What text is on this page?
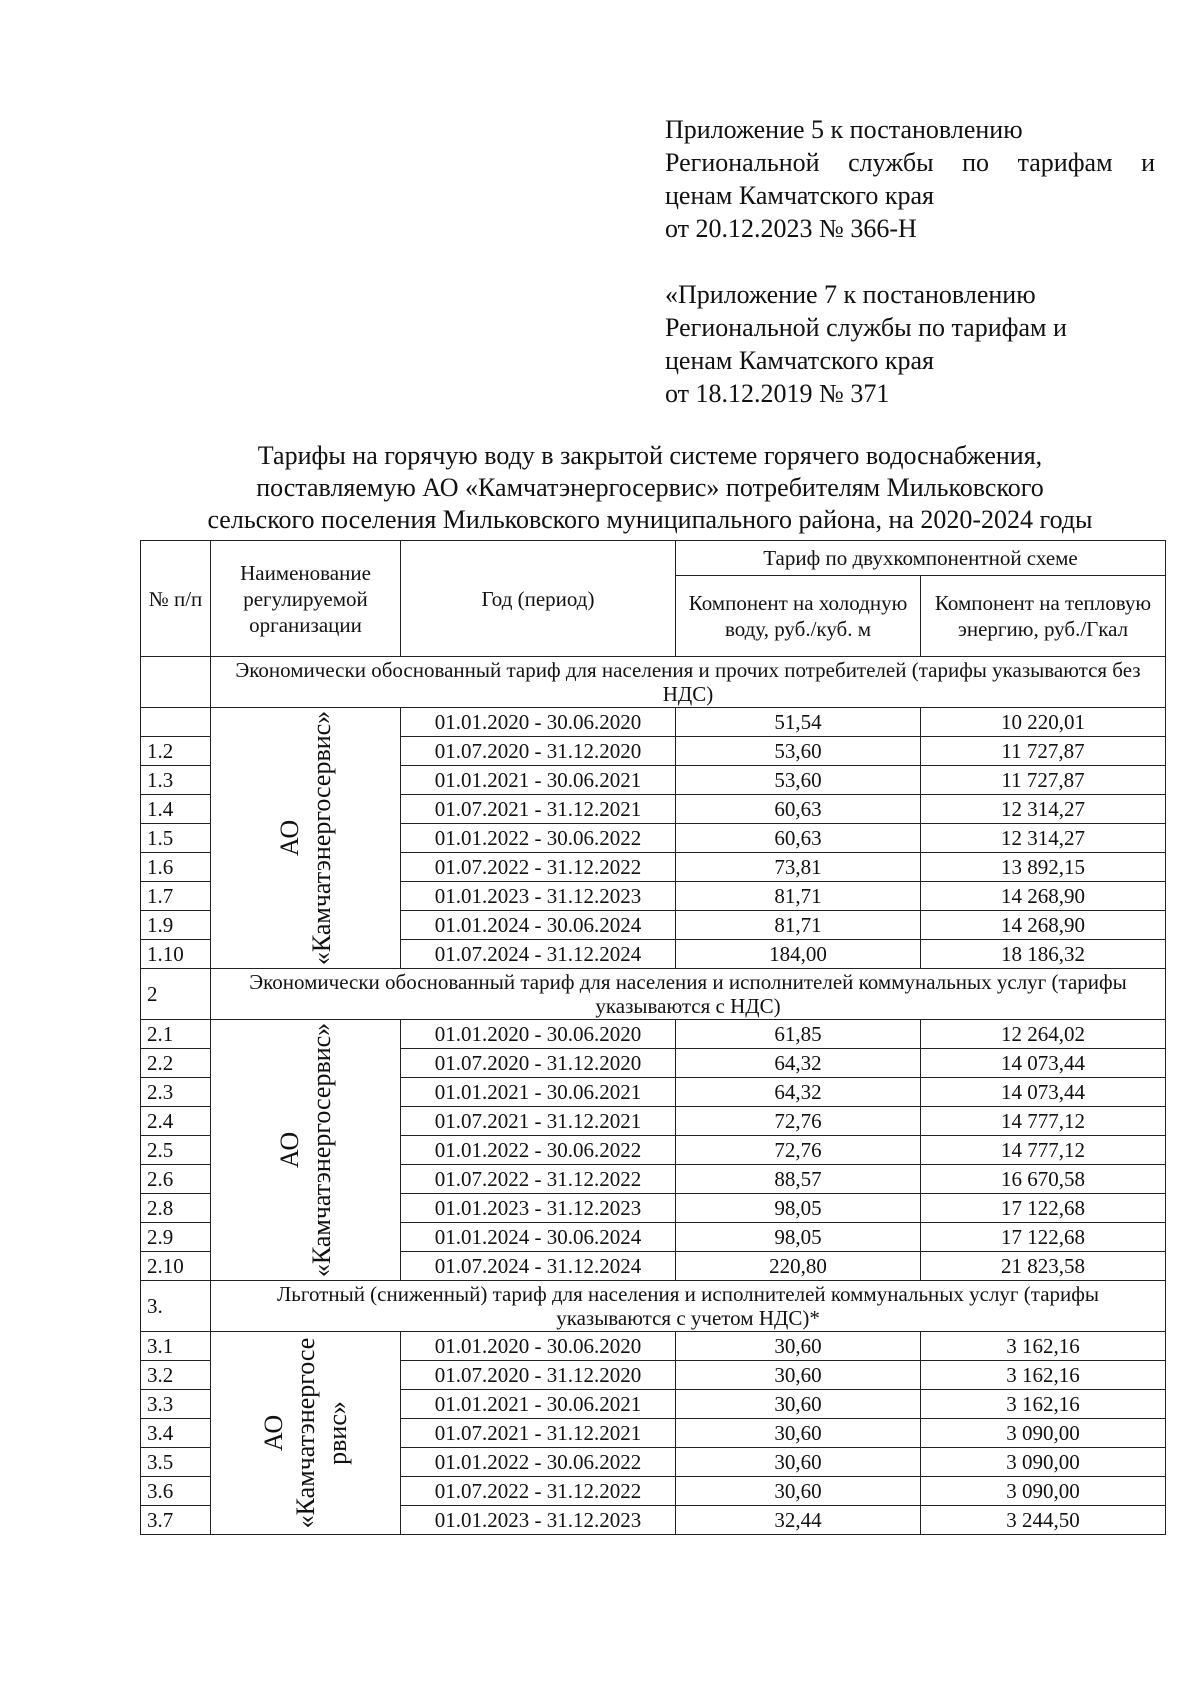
Приложение 5 к постановлению
Региональной службы по тарифам и
ценам Камчатского края
от 20.12.2023 № 366-Н
«Приложение 7 к постановлению
Региональной службы по тарифам и
ценам Камчатского края
от 18.12.2019 № 371
Тарифы на горячую воду в закрытой системе горячего водоснабжения,
поставляемую АО «Камчатэнергосервис» потребителям Мильковского
сельского поселения Мильковского муниципального района, на 2020-2024 годы
№ п/п	Наименование регулируемой организации	Год (период)	Тариф по двухкомпонентной схеме	
			Компонент на холодную воду, руб./куб. м	Компонент на тепловую энергию, руб./Гкал
	Экономически обоснованный тариф для населения и прочих потребителей (тарифы указываются без НДС)			

	АО «Камчатэнергосервис»	01.01.2020 - 30.06.2020	51,54	10 220,01
1.2		01.07.2020 - 31.12.2020	53,60	11 727,87
1.3		01.01.2021 - 30.06.2021	53,60	11 727,87
1.4		01.07.2021 - 31.12.2021	60,63	12 314,27
1.5		01.01.2022 - 30.06.2022	60,63	12 314,27
1.6		01.07.2022 - 31.12.2022	73,81	13 892,15
1.7		01.01.2023 - 31.12.2023	81,71	14 268,90
1.9		01.01.2024 - 30.06.2024	81,71	14 268,90
1.10		01.07.2024 - 31.12.2024	184,00	18 186,32
2	Экономически обоснованный тариф для населения и исполнителей коммунальных услуг (тарифы указываются с НДС)			
2.1	АО «Камчатэнергосервис»	01.01.2020 - 30.06.2020	61,85	12 264,02
2.2		01.07.2020 - 31.12.2020	64,32	14 073,44
2.3		01.01.2021 - 30.06.2021	64,32	14 073,44
2.4		01.07.2021 - 31.12.2021	72,76	14 777,12
2.5		01.01.2022 - 30.06.2022	72,76	14 777,12
2.6		01.07.2022 - 31.12.2022	88,57	16 670,58
2.8		01.01.2023 - 31.12.2023	98,05	17 122,68
2.9		01.01.2024 - 30.06.2024	98,05	17 122,68
2.10		01.07.2024 - 31.12.2024	220,80	21 823,58
3.	Льготный (сниженный) тариф для населения и исполнителей коммунальных услуг (тарифы указываются с учетом НДС)*			
3.1	АО «Камчатэнергосе рвис»	01.01.2020 - 30.06.2020	30,60	3 162,16
3.2		01.07.2020 - 31.12.2020	30,60	3 162,16
3.3		01.01.2021 - 30.06.2021	30,60	3 162,16
3.4		01.07.2021 - 31.12.2021	30,60	3 090,00
3.5		01.01.2022 - 30.06.2022	30,60	3 090,00
3.6		01.07.2022 - 31.12.2022	30,60	3 090,00
3.7		01.01.2023 - 31.12.2023	32,44	3 244,50
